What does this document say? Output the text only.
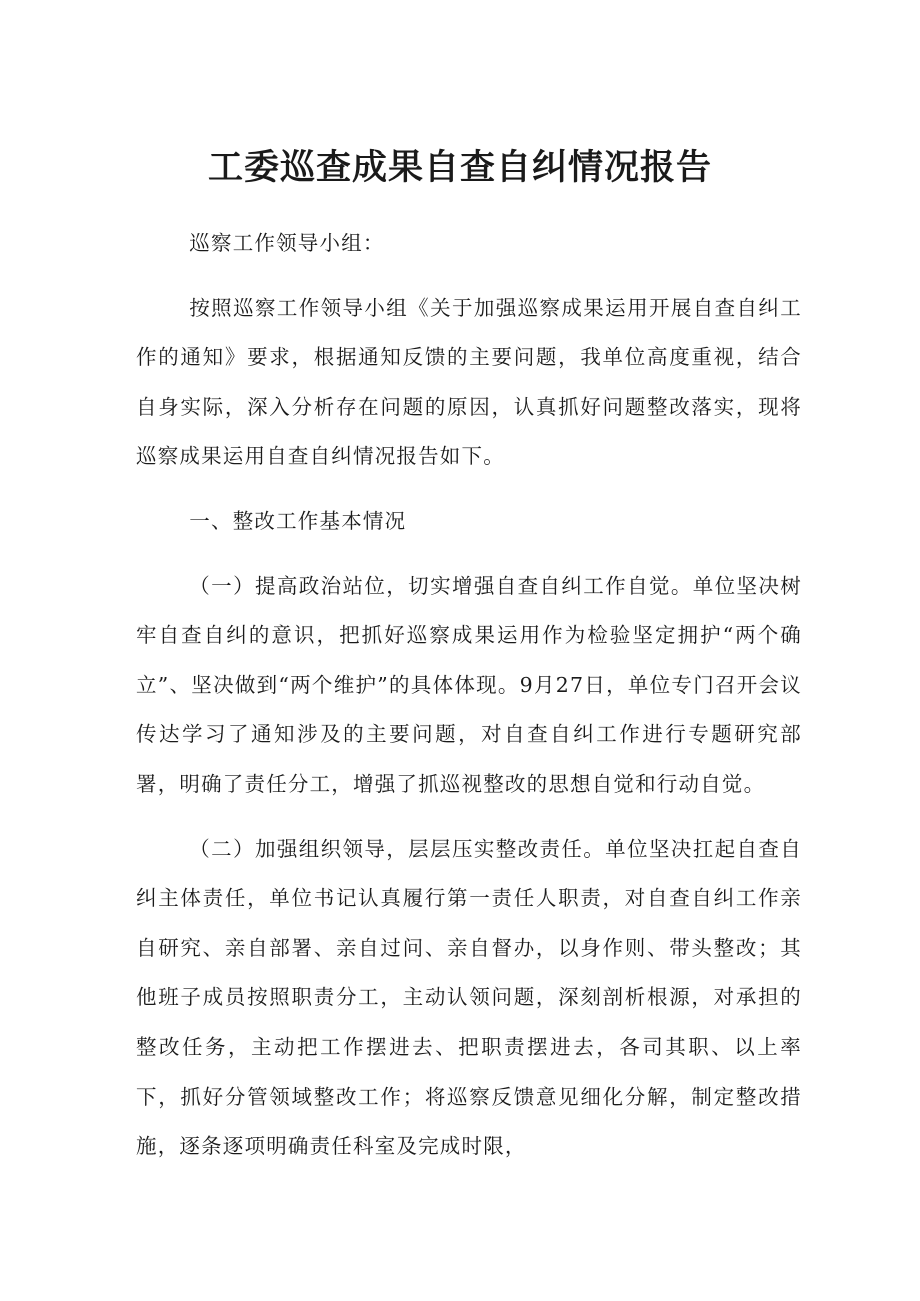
工委巡查成果自查自纠情况报告

巡察工作领导小组：

按照巡察工作领导小组《关于加强巡察成果运用开展自查自纠工作的通知》要求，根据通知反馈的主要问题，我单位高度重视，结合自身实际，深入分析存在问题的原因，认真抓好问题整改落实，现将巡察成果运用自查自纠情况报告如下。

一、整改工作基本情况

（一）提高政治站位，切实增强自查自纠工作自觉。单位坚决树牢自查自纠的意识，把抓好巡察成果运用作为检验坚定拥护“两个确立”、坚决做到“两个维护”的具体体现。9月27日，单位专门召开会议传达学习了通知涉及的主要问题，对自查自纠工作进行专题研究部署，明确了责任分工，增强了抓巡视整改的思想自觉和行动自觉。

（二）加强组织领导，层层压实整改责任。单位坚决扛起自查自纠主体责任，单位书记认真履行第一责任人职责，对自查自纠工作亲自研究、亲自部署、亲自过问、亲自督办，以身作则、带头整改；其他班子成员按照职责分工，主动认领问题，深刻剖析根源，对承担的整改任务，主动把工作摆进去、把职责摆进去，各司其职、以上率下，抓好分管领域整改工作；将巡察反馈意见细化分解，制定整改措施，逐条逐项明确责任科室及完成时限，
